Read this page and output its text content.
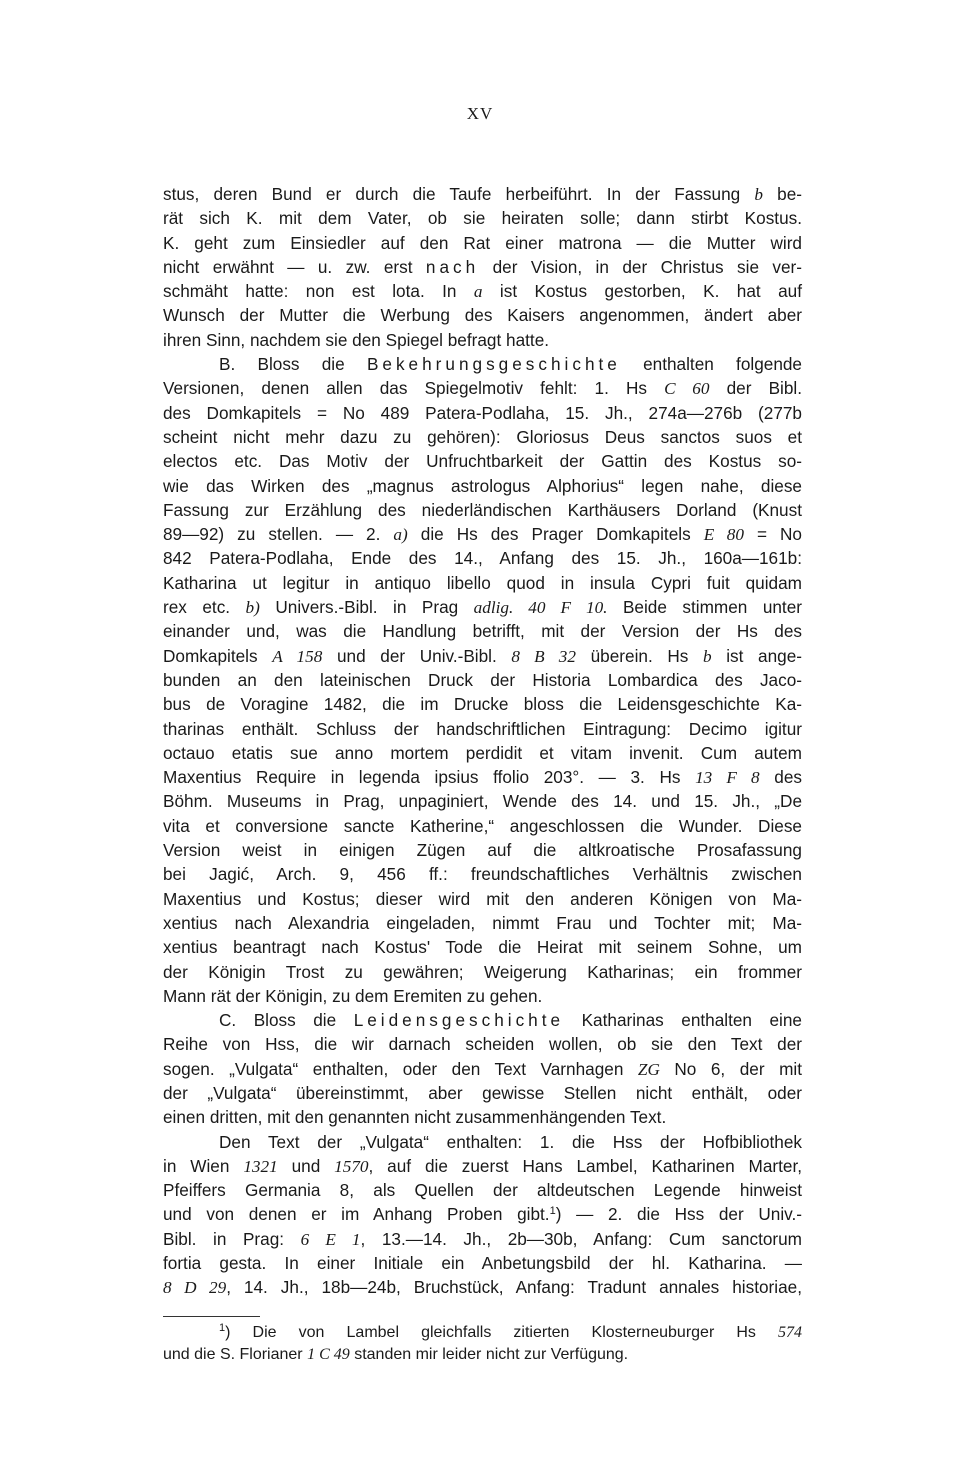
XV
stus, deren Bund er durch die Taufe herbeiführt. In der Fassung b be-
rät sich K. mit dem Vater, ob sie heiraten solle; dann stirbt Kostus.
K. geht zum Einsiedler auf den Rat einer matrona — die Mutter wird
nicht erwähnt — u. zw. erst nach der Vision, in der Christus sie ver-
schmäht hatte: non est lota. In a ist Kostus gestorben, K. hat auf
Wunsch der Mutter die Werbung des Kaisers angenommen, ändert aber
ihren Sinn, nachdem sie den Spiegel befragt hatte.
B. Bloss die Bekehrungsgeschichte enthalten folgende
Versionen, denen allen das Spiegelmotiv fehlt: 1. Hs C 60 der Bibl.
des Domkapitels = No 489 Patera-Podlaha, 15. Jh., 274a—276b (277b
scheint nicht mehr dazu zu gehören): Gloriosus Deus sanctos suos et
electos etc. Das Motiv der Unfruchtbarkeit der Gattin des Kostus so-
wie das Wirken des „magnus astrologus Alphorius“ legen nahe, diese
Fassung zur Erzählung des niederländischen Karthäusers Dorland (Knust
89—92) zu stellen. — 2. a) die Hs des Prager Domkapitels E 80 = No
842 Patera-Podlaha, Ende des 14., Anfang des 15. Jh., 160a—161b:
Katharina ut legitur in antiquo libello quod in insula Cypri fuit quidam
rex etc. b) Univers.-Bibl. in Prag adlig. 40 F 10. Beide stimmen unter
einander und, was die Handlung betrifft, mit der Version der Hs des
Domkapitels A 158 und der Univ.-Bibl. 8 B 32 überein. Hs b ist ange-
bunden an den lateinischen Druck der Historia Lombardica des Jaco-
bus de Voragine 1482, die im Drucke bloss die Leidensgeschichte Ka-
tharinas enthält. Schluss der handschriftlichen Eintragung: Decimo igitur
octauo etatis sue anno mortem perdidit et vitam invenit. Cum autem
Maxentius Require in legenda ipsius ffolio 203°. — 3. Hs 13 F 8 des
Böhm. Museums in Prag, unpaginiert, Wende des 14. und 15. Jh., „De
vita et conversione sancte Katherine,“ angeschlossen die Wunder. Diese
Version weist in einigen Zügen auf die altkroatische Prosafassung
bei Jagić, Arch. 9, 456 ff.: freundschaftliches Verhältnis zwischen
Maxentius und Kostus; dieser wird mit den anderen Königen von Ma-
xentius nach Alexandria eingeladen, nimmt Frau und Tochter mit; Ma-
xentius beantragt nach Kostus' Tode die Heirat mit seinem Sohne, um
der Königin Trost zu gewähren; Weigerung Katharinas; ein frommer
Mann rät der Königin, zu dem Eremiten zu gehen.
C. Bloss die Leidensgeschichte Katharinas enthalten eine
Reihe von Hss, die wir darnach scheiden wollen, ob sie den Text der
sogen. „Vulgata“ enthalten, oder den Text Varnhagen ZG No 6, der mit
der „Vulgata“ übereinstimmt, aber gewisse Stellen nicht enthält, oder
einen dritten, mit den genannten nicht zusammenhängenden Text.
Den Text der „Vulgata“ enthalten: 1. die Hss der Hofbibliothek
in Wien 1321 und 1570, auf die zuerst Hans Lambel, Katharinen Marter,
Pfeiffers Germania 8, als Quellen der altdeutschen Legende hinweist
und von denen er im Anhang Proben gibt.$^1$) — 2. die Hss der Univ.-
Bibl. in Prag: 6 E 1, 13.—14. Jh., 2b—30b, Anfang: Cum sanctorum
fortia gesta. In einer Initiale ein Anbetungsbild der hl. Katharina. —
8 D 29, 14. Jh., 18b—24b, Bruchstück, Anfang: Tradunt annales historiae,
$^1$) Die von Lambel gleichfalls zitierten Klosterneuburger Hs 574
und die S. Florianer 1 C 49 standen mir leider nicht zur Verfügung.
